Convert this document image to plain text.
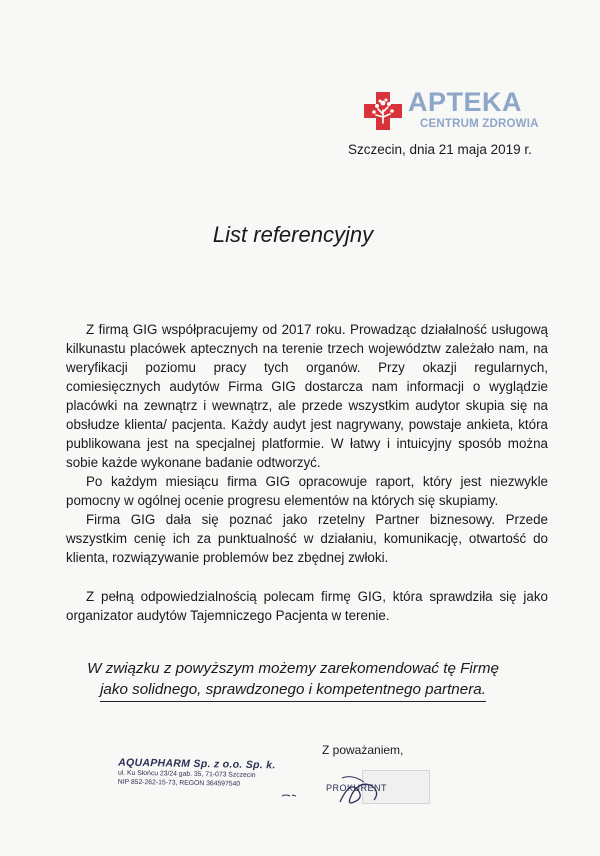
APTEKA
CENTRUM ZDROWIA
Szczecin, dnia 21 maja 2019 r.
List referencyjny

Z firmą GIG współpracujemy od 2017 roku. Prowadząc działalność usługową kilkunastu placówek aptecznych na terenie trzech województw zależało nam, na weryfikacji poziomu pracy tych organów. Przy okazji regularnych, comiesięcznych audytów Firma GIG dostarcza nam informacji o wyglądzie placówki na zewnątrz i wewnątrz, ale przede wszystkim audytor skupia się na obsłudze klienta/ pacjenta. Każdy audyt jest nagrywany, powstaje ankieta, która publikowana jest na specjalnej platformie. W łatwy i intuicyjny sposób można sobie każde wykonane badanie odtworzyć.

Po każdym miesiącu firma GIG opracowuje raport, który jest niezwykle pomocny w ogólnej ocenie progresu elementów na których się skupiamy.

Firma GIG dała się poznać jako rzetelny Partner biznesowy. Przede wszystkim cenię ich za punktualność w działaniu, komunikację, otwartość do klienta, rozwiązywanie problemów bez zbędnej zwłoki.

Z pełną odpowiedzialnością polecam firmę GIG, która sprawdziła się jako organizator audytów Tajemniczego Pacjenta w terenie.

W związku z powyższym możemy zarekomendować tę Firmę
jako solidnego, sprawdzonego i kompetentnego partnera.
Z poważaniem,
AQUAPHARM Sp. z o.o. Sp. k.
ul. Ku Słońcu 23/24 gab. 35, 71-073 Szczecin
NIP 852-262-15-73, REGON 364597540	PROKURENT
